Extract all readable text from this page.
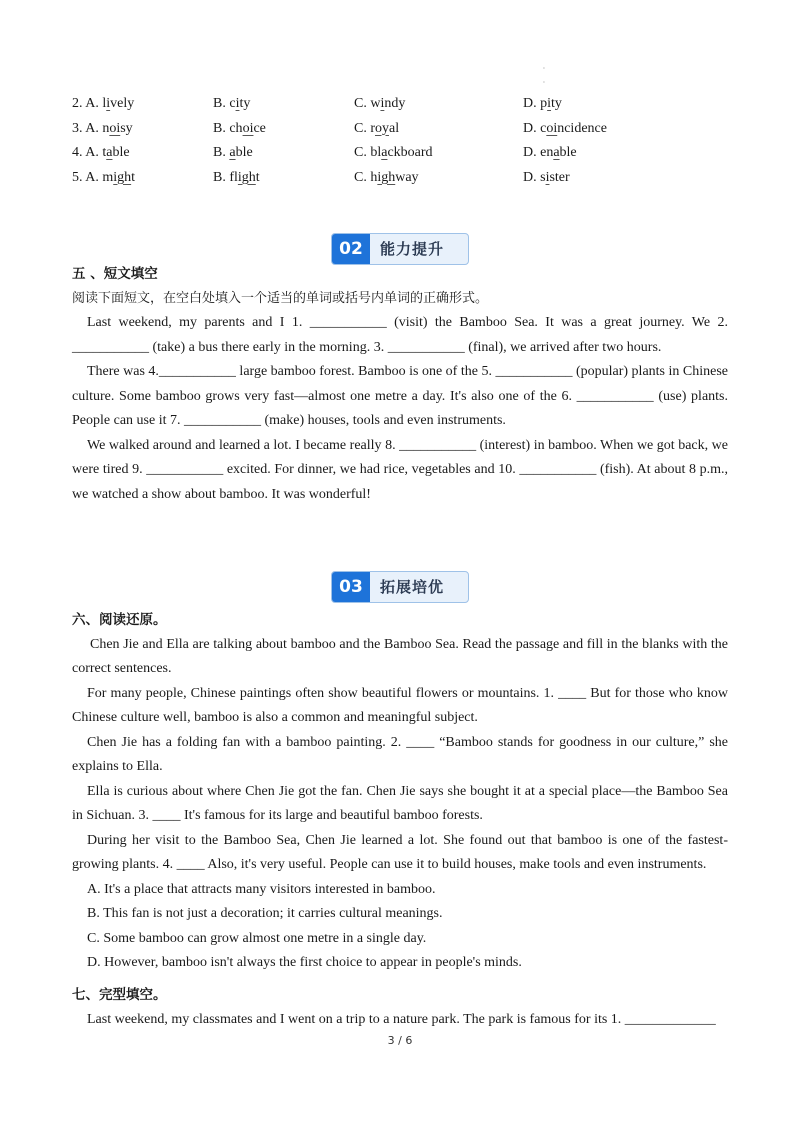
·
·
2. A. lively	B. city	C. windy	D. pity
3. A. noisy	B. choice	C. royal	D. coincidence
4. A. table	B. able	C. blackboard	D. enable
5. A. might	B. flight	C. highway	D. sister
02	能力提升
五 、短文填空
阅读下面短文，在空白处填入一个适当的单词或括号内单词的正确形式。

Last weekend, my parents and I 1. ___________ (visit) the Bamboo Sea. It was a great journey. We 2. ___________ (take) a bus there early in the morning. 3. ___________ (final), we arrived after two hours.

There was 4.___________ large bamboo forest. Bamboo is one of the 5. ___________ (popular) plants in Chinese culture. Some bamboo grows very fast—almost one metre a day. It's also one of the 6. ___________ (use) plants. People can use it 7. ___________ (make) houses, tools and even instruments.

We walked around and learned a lot. I became really 8. ___________ (interest) in bamboo. When we got back, we were tired 9. ___________ excited. For dinner, we had rice, vegetables and 10. ___________ (fish). At about 8 p.m., we watched a show about bamboo. It was wonderful!

03	拓展培优
六、阅读还原。

Chen Jie and Ella are talking about bamboo and the Bamboo Sea. Read the passage and fill in the blanks with the correct sentences.

For many people, Chinese paintings often show beautiful flowers or mountains. 1. ____ But for those who know Chinese culture well, bamboo is also a common and meaningful subject.

Chen Jie has a folding fan with a bamboo painting. 2. ____ “Bamboo stands for goodness in our culture,” she explains to Ella.

Ella is curious about where Chen Jie got the fan. Chen Jie says she bought it at a special place—the Bamboo Sea in Sichuan. 3. ____ It's famous for its large and beautiful bamboo forests.

During her visit to the Bamboo Sea, Chen Jie learned a lot. She found out that bamboo is one of the fastest-growing plants. 4. ____ Also, it's very useful. People can use it to build houses, make tools and even instruments.

A. It's a place that attracts many visitors interested in bamboo.

B. This fan is not just a decoration; it carries cultural meanings.

C. Some bamboo can grow almost one metre in a single day.

D. However, bamboo isn't always the first choice to appear in people's minds.

七、完型填空。

Last weekend, my classmates and I went on a trip to a nature park. The park is famous for its 1. _____________

3 / 6
